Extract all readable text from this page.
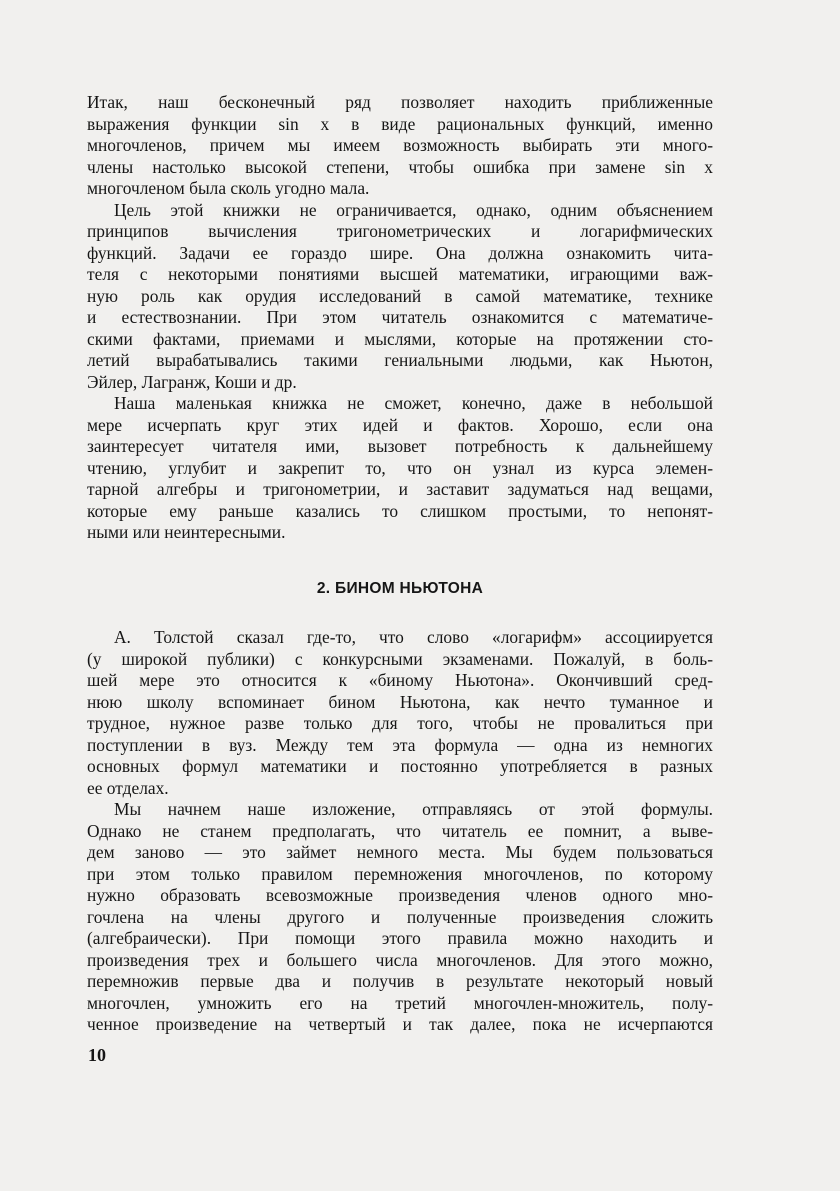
Итак, наш бесконечный ряд позволяет находить приближенные
выражения функции sin x в виде рациональных функций, именно
многочленов, причем мы имеем возможность выбирать эти много-
члены настолько высокой степени, чтобы ошибка при замене sin x
многочленом была сколь угодно мала.
Цель этой книжки не ограничивается, однако, одним объяснением
принципов вычисления тригонометрических и логарифмических
функций. Задачи ее гораздо шире. Она должна ознакомить чита-
теля с некоторыми понятиями высшей математики, играющими важ-
ную роль как орудия исследований в самой математике, технике
и естествознании. При этом читатель ознакомится с математиче-
скими фактами, приемами и мыслями, которые на протяжении сто-
летий вырабатывались такими гениальными людьми, как Ньютон,
Эйлер, Лагранж, Коши и др.
Наша маленькая книжка не сможет, конечно, даже в небольшой
мере исчерпать круг этих идей и фактов. Хорошо, если она
заинтересует читателя ими, вызовет потребность к дальнейшему
чтению, углубит и закрепит то, что он узнал из курса элемен-
тарной алгебры и тригонометрии, и заставит задуматься над вещами,
которые ему раньше казались то слишком простыми, то непонят-
ными или неинтересными.
2. БИНОМ НЬЮТОНА
А. Толстой сказал где-то, что слово «логарифм» ассоциируется
(у широкой публики) с конкурсными экзаменами. Пожалуй, в боль-
шей мере это относится к «биному Ньютона». Окончивший сред-
нюю школу вспоминает бином Ньютона, как нечто туманное и
трудное, нужное разве только для того, чтобы не провалиться при
поступлении в вуз. Между тем эта формула — одна из немногих
основных формул математики и постоянно употребляется в разных
ее отделах.
Мы начнем наше изложение, отправляясь от этой формулы.
Однако не станем предполагать, что читатель ее помнит, а выве-
дем заново — это займет немного места. Мы будем пользоваться
при этом только правилом перемножения многочленов, по которому
нужно образовать всевозможные произведения членов одного мно-
гочлена на члены другого и полученные произведения сложить
(алгебраически). При помощи этого правила можно находить и
произведения трех и большего числа многочленов. Для этого можно,
перемножив первые два и получив в результате некоторый новый
многочлен, умножить его на третий многочлен-множитель, полу-
ченное произведение на четвертый и так далее, пока не исчерпаются
10
